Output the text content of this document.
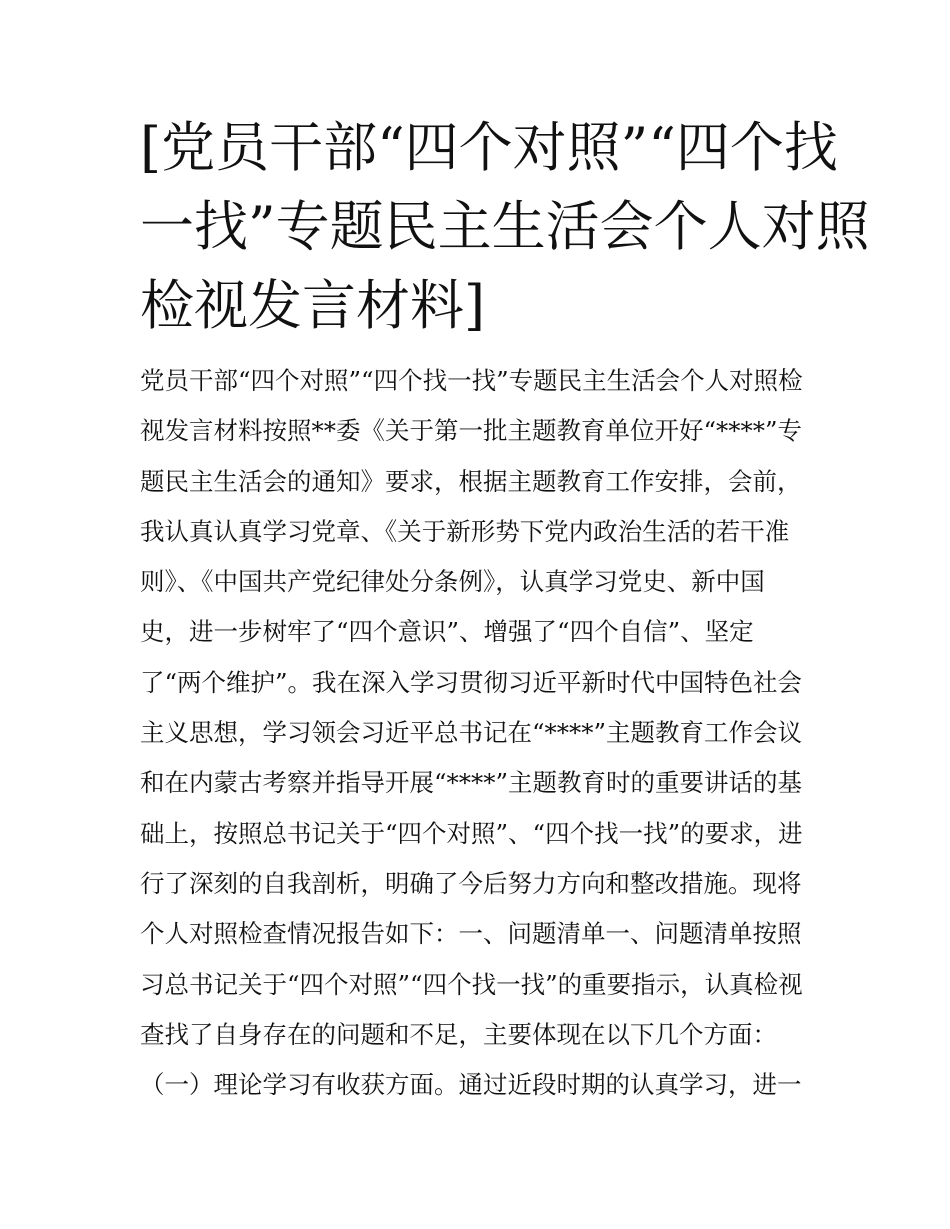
[党员干部“四个对照”“四个找
一找”专题民主生活会个人对照
检视发言材料]
党员干部“四个对照”“四个找一找”专题民主生活会个人对照检
视发言材料按照**委《关于第一批主题教育单位开好“****”专
题民主生活会的通知》要求，根据主题教育工作安排，会前，
我认真认真学习党章、《关于新形势下党内政治生活的若干准
则》、《中国共产党纪律处分条例》，认真学习党史、新中国
史，进一步树牢了“四个意识”、增强了“四个自信”、坚定
了“两个维护”。我在深入学习贯彻习近平新时代中国特色社会
主义思想，学习领会习近平总书记在“****”主题教育工作会议
和在内蒙古考察并指导开展“****”主题教育时的重要讲话的基
础上，按照总书记关于“四个对照”、“四个找一找”的要求，进
行了深刻的自我剖析，明确了今后努力方向和整改措施。现将
个人对照检查情况报告如下：一、问题清单一、问题清单按照
习总书记关于“四个对照”“四个找一找”的重要指示，认真检视
查找了自身存在的问题和不足，主要体现在以下几个方面：
（一）理论学习有收获方面。通过近段时期的认真学习，进一
